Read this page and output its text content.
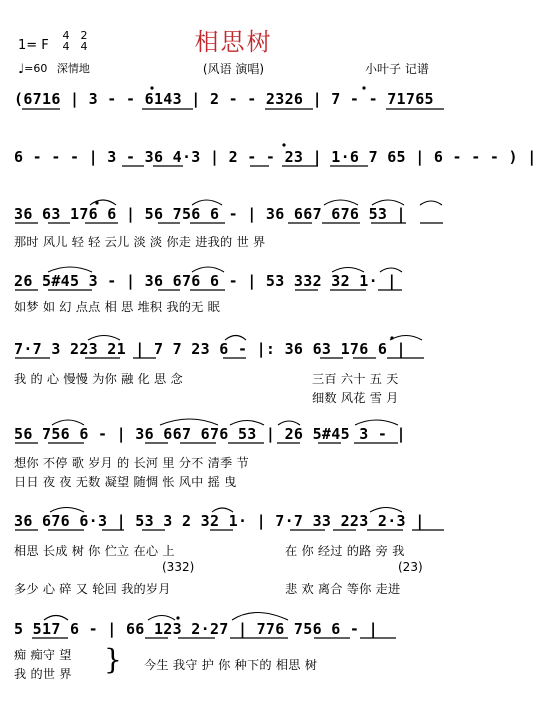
相思树
1= F
4
4
2
4
♩=60 深情地	(风语 演唱)	小叶子 记谱
(6716 | 3 - - 6143 | 2 - - 2326 | 7 - - 71765
6 - - - | 3 - 36 4·3 | 2 - - 23 | 1·6 7 65 | 6 - - - ) |
36 63 176 6 | 56 756 6 - | 36 667 676 53 |
26 5#45 3 - | 36 676 6 - | 53 332 32 1· |
7·7 3 223 21 | 7 7 23 6 - |: 36 63 176 6 |
56 756 6 - | 36 667 676 53 | 26 5#45 3 - |
36 676 6·3 | 53 3 2 32 1· | 7·7 33 223 2·3 |
5 517 6 - | 66 123 2·27 | 776 756 6 - |
那时 风儿 轻 轻 云儿 淡 淡 你走 进我的 世 界
如梦 如 幻 点点 相 思 堆积 我的无 眠
我 的 心 慢慢 为你 融 化 思 念	三百 六十 五 天
细数 风花 雪 月
想你 不停 歌 岁月 的 长河 里 分不 清季 节
日日 夜 夜 无数 凝望 随惆 怅 风中 摇 曳
相思 长成 树 你 伫立 在心 上	在 你 经过 的路 旁 我
(332)	(23)
多少 心 碎 又 轮回 我的岁月	悲 欢 离合 等你 走进
痴 痴守 望
我 的世 界 } 今生 我守 护 你 种下的 相思 树
